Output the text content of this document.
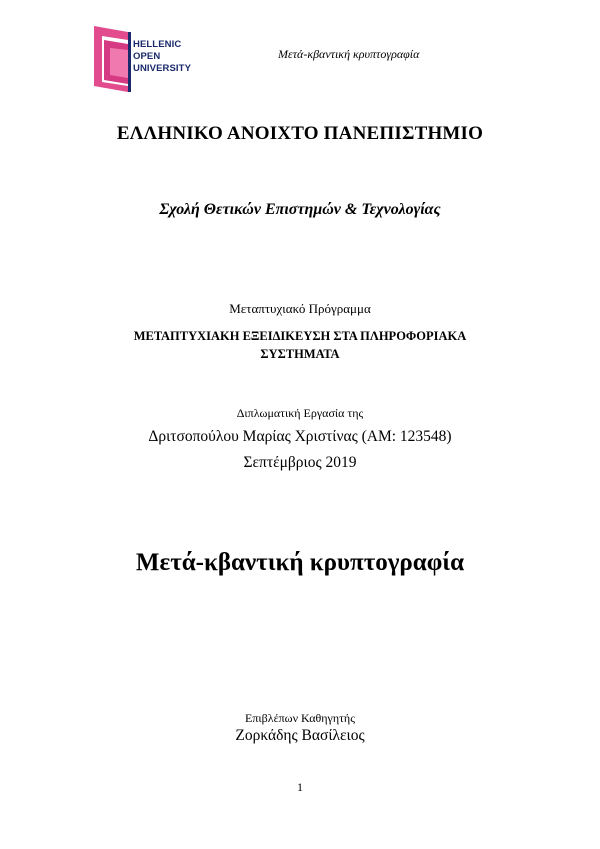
HELLENIC
OPEN
UNIVERSITY
Μετά-κβαντική κρυπτογραφία
ΕΛΛΗΝΙΚΟ ΑΝΟΙΧΤΟ ΠΑΝΕΠΙΣΤΗΜΙΟ
Σχολή Θετικών Επιστημών & Τεχνολογίας
Μεταπτυχιακό Πρόγραμμα
ΜΕΤΑΠΤΥΧΙΑΚΗ ΕΞΕΙΔΙΚΕΥΣΗ ΣΤΑ ΠΛΗΡΟΦΟΡΙΑΚΑ ΣΥΣΤΗΜΑΤΑ
Διπλωματική Εργασία της
Δριτσοπούλου Μαρίας Χριστίνας (ΑΜ: 123548)
Σεπτέμβριος 2019
Μετά-κβαντική κρυπτογραφία
Επιβλέπων Καθηγητής
Ζορκάδης Βασίλειος
1
